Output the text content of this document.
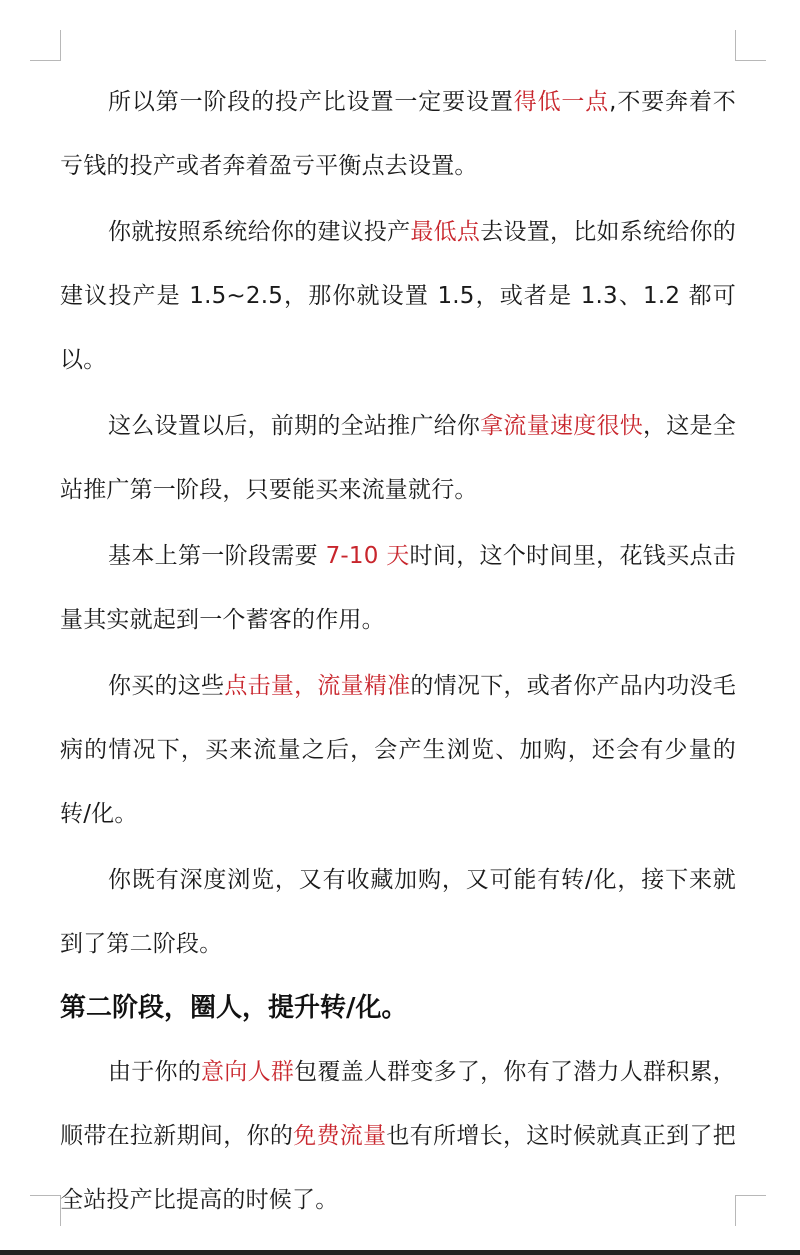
所以第一阶段的投产比设置一定要设置得低一点,不要奔着不亏钱的投产或者奔着盈亏平衡点去设置。

你就按照系统给你的建议投产最低点去设置，比如系统给你的建议投产是 1.5~2.5，那你就设置 1.5，或者是 1.3、1.2 都可以。

这么设置以后，前期的全站推广给你拿流量速度很快，这是全站推广第一阶段，只要能买来流量就行。

基本上第一阶段需要 7-10 天时间，这个时间里，花钱买点击量其实就起到一个蓄客的作用。

你买的这些点击量，流量精准的情况下，或者你产品内功没毛病的情况下，买来流量之后，会产生浏览、加购，还会有少量的转/化。

你既有深度浏览，又有收藏加购，又可能有转/化，接下来就到了第二阶段。

第二阶段，圈人，提升转/化。

由于你的意向人群包覆盖人群变多了，你有了潜力人群积累，顺带在拉新期间，你的免费流量也有所增长，这时候就真正到了把全站投产比提高的时候了。
